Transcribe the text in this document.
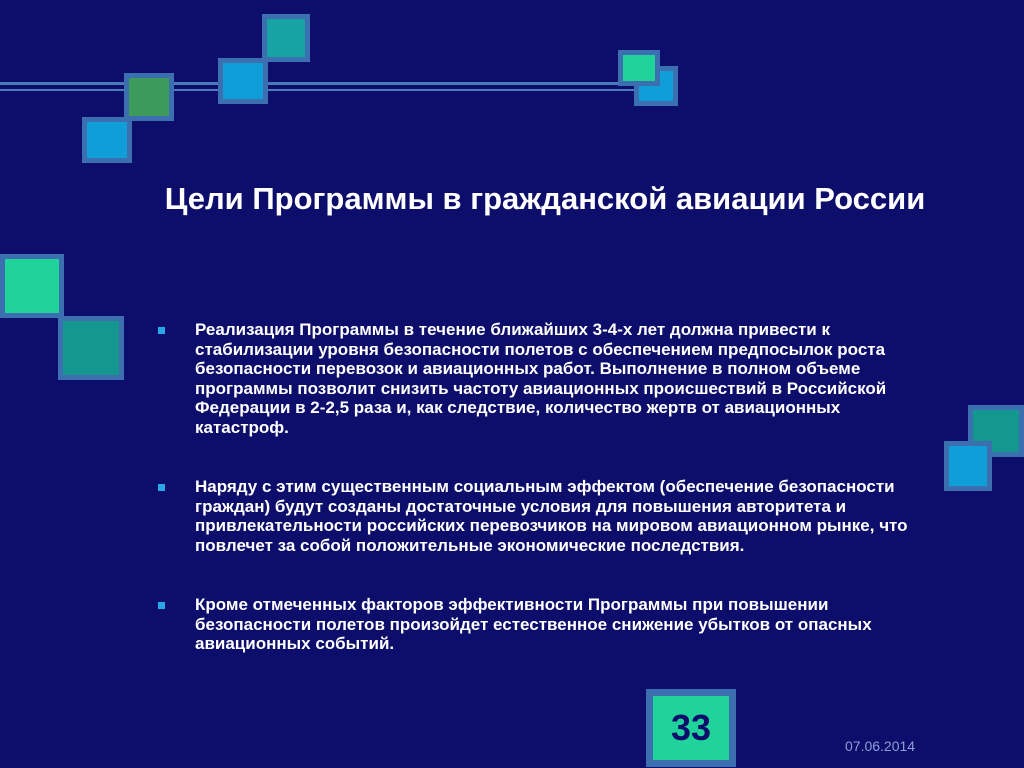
Цели Программы в гражданской авиации России
Реализация Программы в течение ближайших 3-4-х лет должна привести к стабилизации уровня безопасности полетов с обеспечением предпосылок роста безопасности перевозок и авиационных работ. Выполнение в полном объеме программы позволит снизить частоту авиационных происшествий в Российской Федерации в 2-2,5 раза и, как следствие, количество жертв от авиационных катастроф.
Наряду с этим существенным социальным эффектом (обеспечение безопасности граждан) будут созданы достаточные условия для повышения авторитета и привлекательности российских перевозчиков на мировом авиационном рынке, что повлечет за собой положительные экономические последствия.
Кроме отмеченных факторов эффективности Программы при повышении безопасности полетов произойдет естественное снижение убытков от опасных авиационных событий.
33	07.06.2014
